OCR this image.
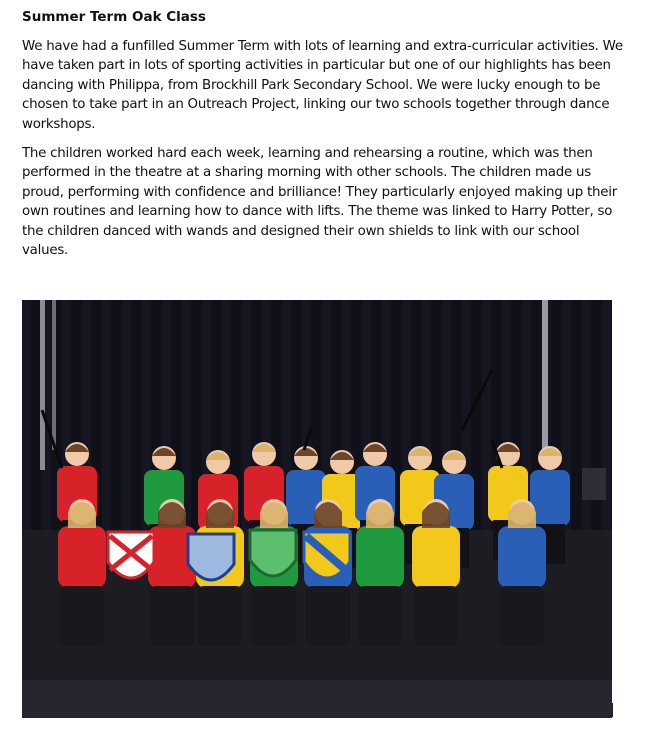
Summer Term Oak Class

We have had a funfilled Summer Term with lots of learning and extra-curricular activities. We have taken part in lots of sporting activities in particular but one of our highlights has been dancing with Philippa, from Brockhill Park Secondary School. We were lucky enough to be chosen to take part in an Outreach Project, linking our two schools together through dance workshops.

The children worked hard each week, learning and rehearsing a routine, which was then performed in the theatre at a sharing morning with other schools. The children made us proud, performing with confidence and brilliance! They particularly enjoyed making up their own routines and learning how to dance with lifts. The theme was linked to Harry Potter, so the children danced with wands and designed their own shields to link with our school values.
